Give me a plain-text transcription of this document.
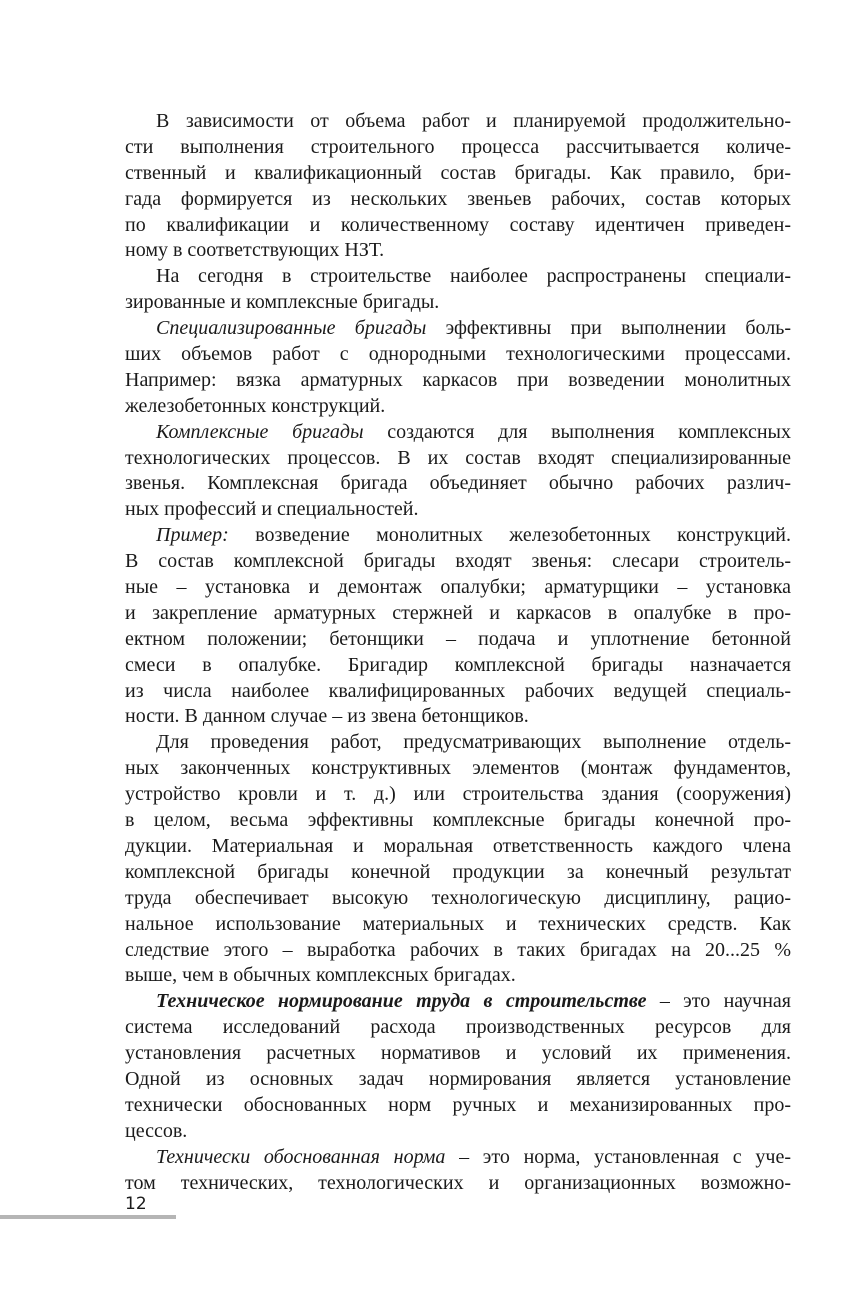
В зависимости от объема работ и планируемой продолжительно-
сти выполнения строительного процесса рассчитывается количе-
ственный и квалификационный состав бригады. Как правило, бри-
гада формируется из нескольких звеньев рабочих, состав которых
по квалификации и количественному составу идентичен приведен-
ному в соответствующих НЗТ.
На сегодня в строительстве наиболее распространены специали-
зированные и комплексные бригады.
Специализированные бригады эффективны при выполнении боль-
ших объемов работ с однородными технологическими процессами.
Например: вязка арматурных каркасов при возведении монолитных
железобетонных конструкций.
Комплексные бригады создаются для выполнения комплексных
технологических процессов. В их состав входят специализированные
звенья. Комплексная бригада объединяет обычно рабочих различ-
ных профессий и специальностей.
Пример: возведение монолитных железобетонных конструкций.
В состав комплексной бригады входят звенья: слесари строитель-
ные – установка и демонтаж опалубки; арматурщики – установка
и закрепление арматурных стержней и каркасов в опалубке в про-
ектном положении; бетонщики – подача и уплотнение бетонной
смеси в опалубке. Бригадир комплексной бригады назначается
из числа наиболее квалифицированных рабочих ведущей специаль-
ности. В данном случае – из звена бетонщиков.
Для проведения работ, предусматривающих выполнение отдель-
ных законченных конструктивных элементов (монтаж фундаментов,
устройство кровли и т. д.) или строительства здания (сооружения)
в целом, весьма эффективны комплексные бригады конечной про-
дукции. Материальная и моральная ответственность каждого члена
комплексной бригады конечной продукции за конечный результат
труда обеспечивает высокую технологическую дисциплину, рацио-
нальное использование материальных и технических средств. Как
следствие этого – выработка рабочих в таких бригадах на 20...25 %
выше, чем в обычных комплексных бригадах.
Техническое нормирование труда в строительстве – это научная
система исследований расхода производственных ресурсов для
установления расчетных нормативов и условий их применения.
Одной из основных задач нормирования является установление
технически обоснованных норм ручных и механизированных про-
цессов.
Технически обоснованная норма – это норма, установленная с уче-
том технических, технологических и организационных возможно-
12
